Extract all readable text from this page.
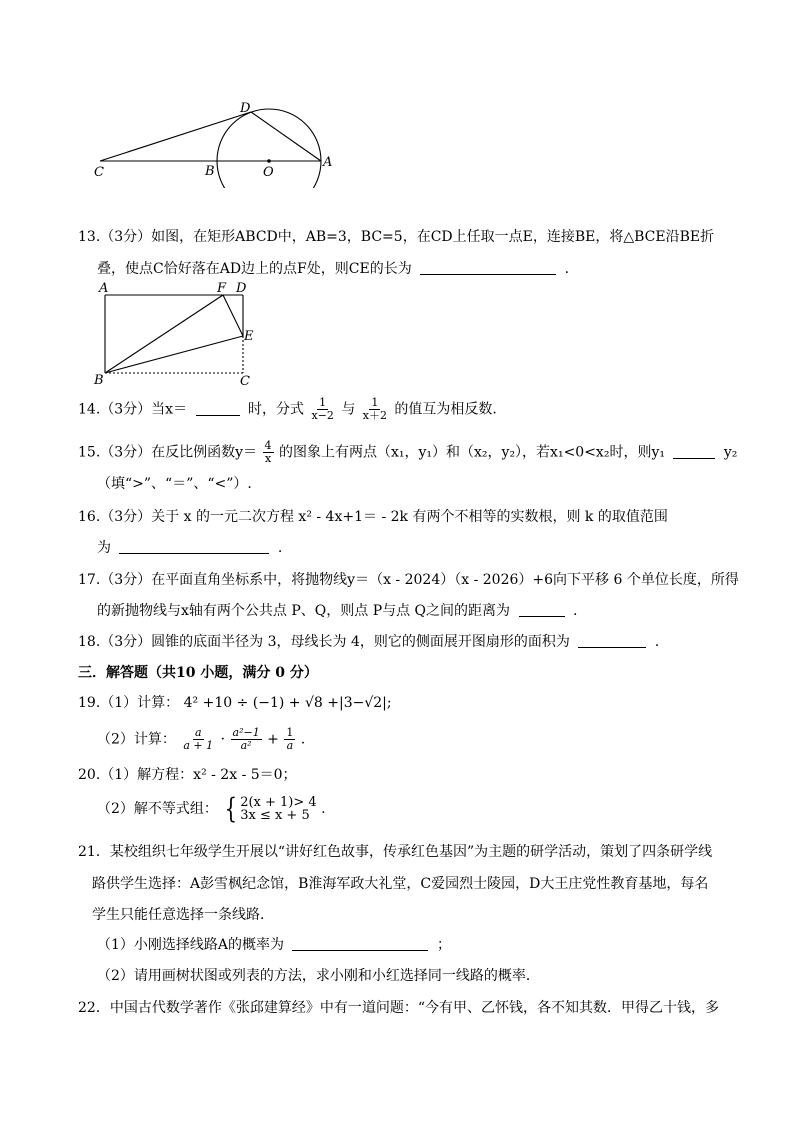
D
C	B	O
A
13.（3分）如图，在矩形ABCD中，AB=3，BC=5，在CD上任取一点E，连接BE，将△BCE沿BE折
叠，使点C恰好落在AD边上的点F处，则CE的长为	.
A	F D
E
B	C
14.（3分）当x＝	时，分式 $\frac{1}{x-2}$ 与 $\frac{1}{x+2}$ 的值互为相反数.
15.（3分）在反比例函数$y= \frac{4}{x}$ 的图象上有两点（x₁，y₁）和（x₂，y₂），若x₁<0<x₂时，则y₁	y₂
（填“>”、“＝”、“<”）.
16.（3分）关于 x 的一元二次方程 x² - 4x+1＝ - 2k 有两个不相等的实数根，则 k 的取值范围
为	.
17.（3分）在平面直角坐标系中，将抛物线y＝（x - 2024）（x - 2026）+6向下平移 6 个单位长度，所得
的新抛物线与x轴有两个公共点 P、Q，则点 P与点 Q之间的距离为	.
18.（3分）圆锥的底面半径为 3，母线长为 4，则它的侧面展开图扇形的面积为	.
三．解答题（共10 小题，满分 0 分）
19.（1）计算： 4² +10 ÷ (−1) + √8 +|3−√2|;
（2）计算： $\frac{a}{a + 1} \cdot \frac{\text{a²−1}}{\text{a²}} + \frac{1}{a}$ .
20.（1）解方程：x² - 2x - 5＝0；
（2）解不等式组： { 2(x + 1)> 4
3x ≤ x + 5 .
21．某校组织七年级学生开展以“讲好红色故事，传承红色基因”为主题的研学活动，策划了四条研学线
路供学生选择：A彭雪枫纪念馆，B淮海军政大礼堂，C爱园烈士陵园，D大王庄党性教育基地，每名
学生只能任意选择一条线路．
（1）小刚选择线路A的概率为	；
（2）请用画树状图或列表的方法，求小刚和小红选择同一线路的概率．
22．中国古代数学著作《张邱建算经》中有一道问题：“今有甲、乙怀钱，各不知其数．甲得乙十钱，多
